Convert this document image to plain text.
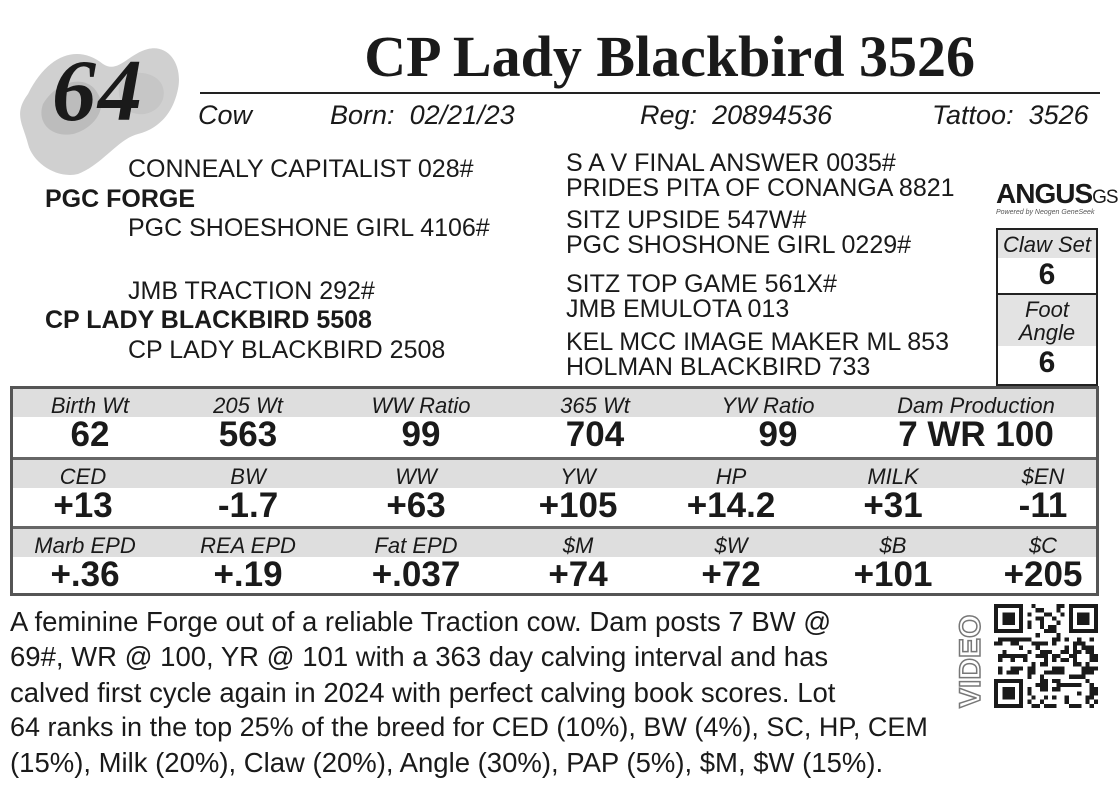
64	CP Lady Blackbird 3526
Cow	Born: 02/21/23	Reg: 20894536	Tattoo: 3526
CONNEALY CAPITALIST 028#
PGC FORGE
PGC SHOESHONE GIRL 4106#
JMB TRACTION 292#
CP LADY BLACKBIRD 5508
CP LADY BLACKBIRD 2508
S A V FINAL ANSWER 0035#
PRIDES PITA OF CONANGA 8821
SITZ UPSIDE 547W#
PGC SHOSHONE GIRL 0229#
SITZ TOP GAME 561X#
JMB EMULOTA 013
KEL MCC IMAGE MAKER ML 853
HOLMAN BLACKBIRD 733
ANGUSGS
Powered by Neogen GeneSeek
Claw Set
6
Foot Angle
6
Birth Wt	205 Wt	WW Ratio	365 Wt	YW Ratio	Dam Production
62	563	99	704	99	7 WR 100
CED	BW	WW	YW	HP	MILK	$EN
+13	-1.7	+63	+105 +14.2	+31	-11
Marb EPD	REA EPD	Fat EPD	$M	$W	$B	$C
+.36	+.19	+.037	+74	+72	+101 +205
A feminine Forge out of a reliable Traction cow. Dam posts 7 BW @
69#, WR @ 100, YR @ 101 with a 363 day calving interval and has
calved first cycle again in 2024 with perfect calving book scores. Lot
64 ranks in the top 25% of the breed for CED (10%), BW (4%), SC, HP, CEM
(15%), Milk (20%), Claw (20%), Angle (30%), PAP (5%), $M, $W (15%).
VIDEO
